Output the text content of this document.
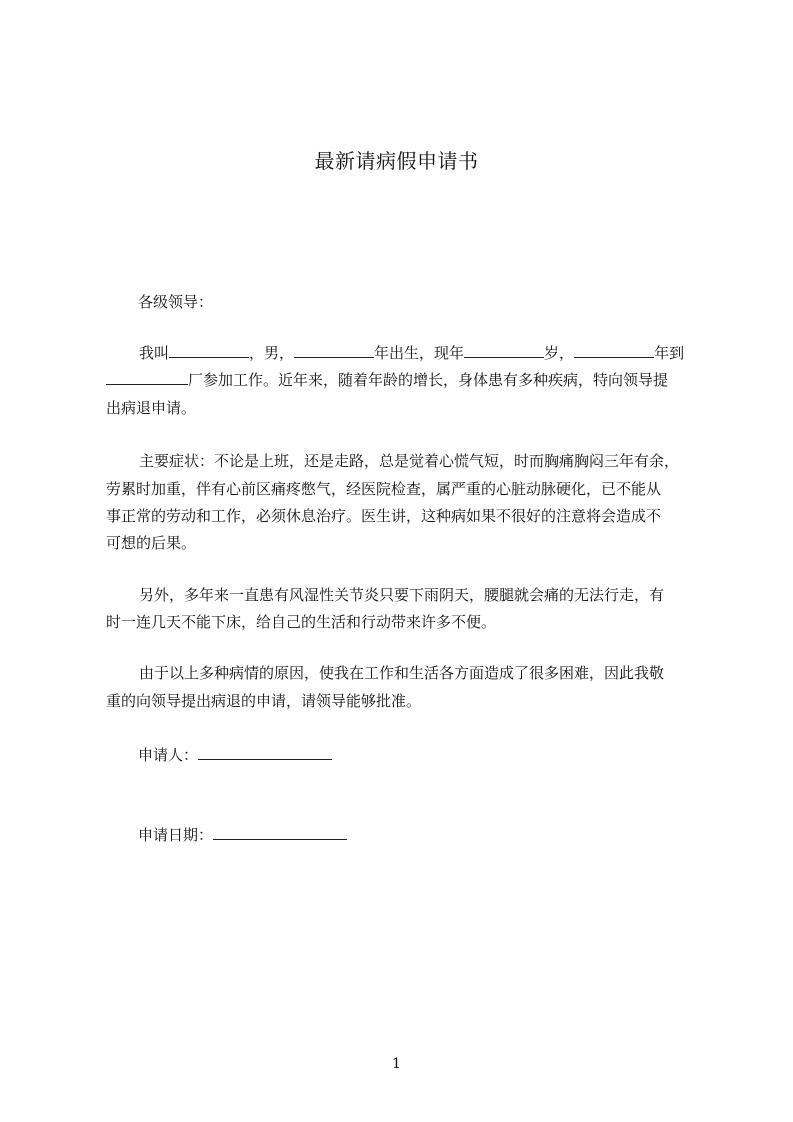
最新请病假申请书
各级领导：
我叫	，男，	年出生，现年	岁，	年到
厂参加工作。近年来，随着年龄的增长，身体患有多种疾病，特向领导提
出病退申请。
主要症状：不论是上班，还是走路，总是觉着心慌气短，时而胸痛胸闷三年有余，
劳累时加重，伴有心前区痛疼憋气，经医院检查，属严重的心脏动脉硬化，已不能从
事正常的劳动和工作，必须休息治疗。医生讲，这种病如果不很好的注意将会造成不
可想的后果。
另外，多年来一直患有风湿性关节炎只要下雨阴天，腰腿就会痛的无法行走，有
时一连几天不能下床，给自己的生活和行动带来许多不便。
由于以上多种病情的原因，使我在工作和生活各方面造成了很多困难，因此我敬
重的向领导提出病退的申请，请领导能够批准。
申请人：
申请日期：
1
